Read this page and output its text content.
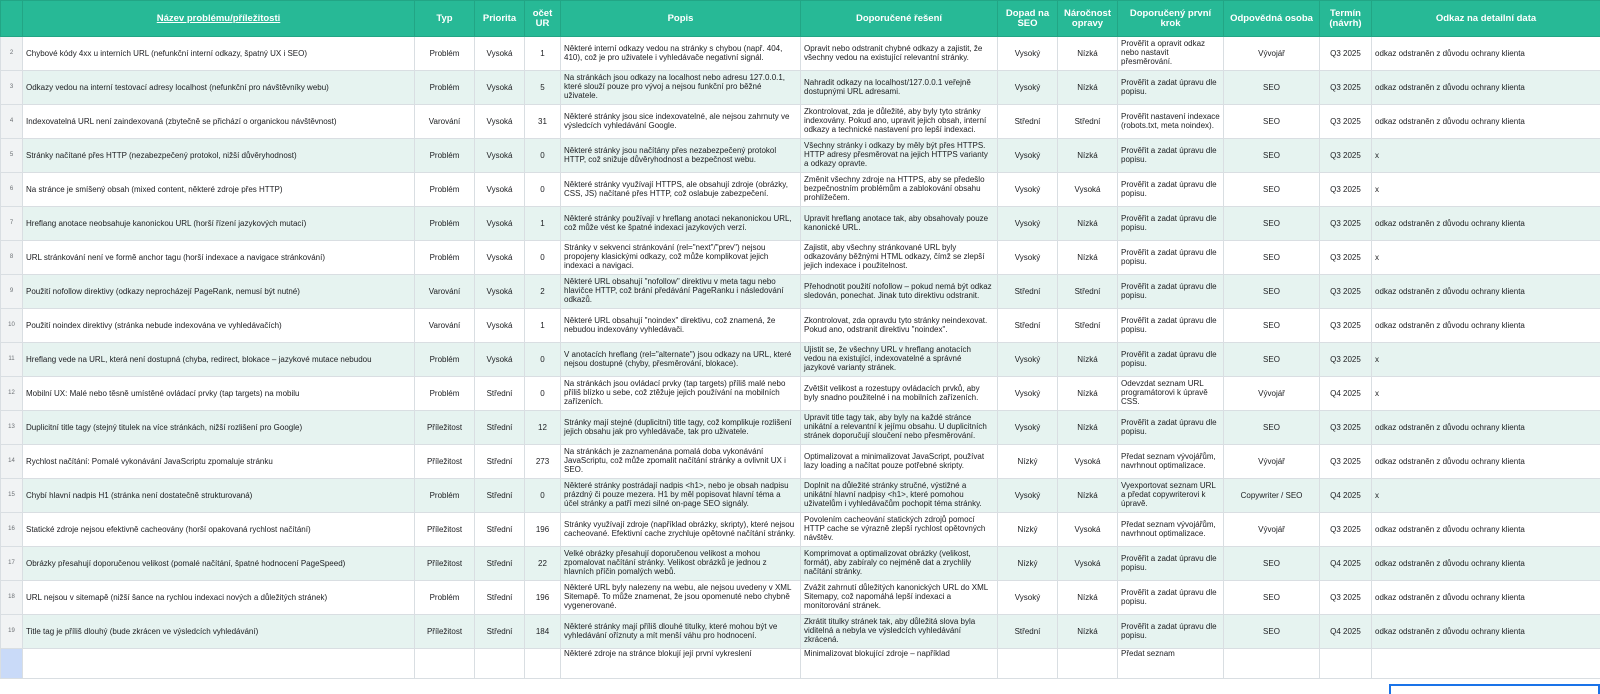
	Název problému/příležitosti	Typ	Priorita	očet UR	Popis	Doporučené řešení	Dopad na SEO	Náročnost opravy	Doporučený první krok	Odpovědná osoba	Termín (návrh)	Odkaz na detailní data
2	Chybové kódy 4xx u interních URL (nefunkční interní odkazy, špatný UX i SEO)	Problém	Vysoká	1	Některé interní odkazy vedou na stránky s chybou (např. 404, 410), což je pro uživatele i vyhledávače negativní signál.	Opravit nebo odstranit chybné odkazy a zajistit, že všechny vedou na existující relevantní stránky.	Vysoký	Nízká	Prověřit a opravit odkaz nebo nastavit přesměrování.	Vývojář	Q3 2025	odkaz odstraněn z důvodu ochrany klienta
3	Odkazy vedou na interní testovací adresy localhost (nefunkční pro návštěvníky webu)	Problém	Vysoká	5	Na stránkách jsou odkazy na localhost nebo adresu 127.0.0.1, které slouží pouze pro vývoj a nejsou funkční pro běžné uživatele.	Nahradit odkazy na localhost/127.0.0.1 veřejně dostupnými URL adresami.	Vysoký	Nízká	Prověřit a zadat úpravu dle popisu.	SEO	Q3 2025	odkaz odstraněn z důvodu ochrany klienta
4	Indexovatelná URL není zaindexovaná (zbytečně se přichází o organickou návštěvnost)	Varování	Vysoká	31	Některé stránky jsou sice indexovatelné, ale nejsou zahrnuty ve výsledcích vyhledávání Google.	Zkontrolovat, zda je důležité, aby byly tyto stránky indexovány. Pokud ano, upravit jejich obsah, interní odkazy a technické nastavení pro lepší indexaci.	Střední	Střední	Prověřit nastavení indexace (robots.txt, meta noindex).	SEO	Q3 2025	odkaz odstraněn z důvodu ochrany klienta
5	Stránky načítané přes HTTP (nezabezpečený protokol, nižší důvěryhodnost)	Problém	Vysoká	0	Některé stránky jsou načítány přes nezabezpečený protokol HTTP, což snižuje důvěryhodnost a bezpečnost webu.	Všechny stránky i odkazy by měly být přes HTTPS. HTTP adresy přesměrovat na jejich HTTPS varianty a odkazy opravte.	Vysoký	Nízká	Prověřit a zadat úpravu dle popisu.	SEO	Q3 2025	x
6	Na stránce je smíšený obsah (mixed content, některé zdroje přes HTTP)	Problém	Vysoká	0	Některé stránky využívají HTTPS, ale obsahují zdroje (obrázky, CSS, JS) načítané přes HTTP, což oslabuje zabezpečení.	Změnit všechny zdroje na HTTPS, aby se předešlo bezpečnostním problémům a zablokování obsahu prohlížečem.	Vysoký	Vysoká	Prověřit a zadat úpravu dle popisu.	SEO	Q3 2025	x
7	Hreflang anotace neobsahuje kanonickou URL (horší řízení jazykových mutací)	Problém	Vysoká	1	Některé stránky používají v hreflang anotaci nekanonickou URL, což může vést ke špatné indexaci jazykových verzí.	Upravit hreflang anotace tak, aby obsahovaly pouze kanonické URL.	Vysoký	Nízká	Prověřit a zadat úpravu dle popisu.	SEO	Q3 2025	odkaz odstraněn z důvodu ochrany klienta
8	URL stránkování není ve formě anchor tagu (horší indexace a navigace stránkování)	Problém	Vysoká	0	Stránky v sekvenci stránkování (rel="next"/"prev") nejsou propojeny klasickými odkazy, což může komplikovat jejich indexaci a navigaci.	Zajistit, aby všechny stránkované URL byly odkazovány běžnými HTML odkazy, čímž se zlepší jejich indexace i použitelnost.	Vysoký	Nízká	Prověřit a zadat úpravu dle popisu.	SEO	Q3 2025	x
9	Použití nofollow direktivy (odkazy neprocházejí PageRank, nemusí být nutné)	Varování	Vysoká	2	Některé URL obsahují "nofollow" direktivu v meta tagu nebo hlavičce HTTP, což brání předávání PageRanku i následování odkazů.	Přehodnotit použití nofollow – pokud nemá být odkaz sledován, ponechat. Jinak tuto direktivu odstranit.	Střední	Střední	Prověřit a zadat úpravu dle popisu.	SEO	Q3 2025	odkaz odstraněn z důvodu ochrany klienta
10	Použití noindex direktivy (stránka nebude indexována ve vyhledávačích)	Varování	Vysoká	1	Některé URL obsahují "noindex" direktivu, což znamená, že nebudou indexovány vyhledávači.	Zkontrolovat, zda opravdu tyto stránky neindexovat. Pokud ano, odstranit direktivu "noindex".	Střední	Střední	Prověřit a zadat úpravu dle popisu.	SEO	Q3 2025	odkaz odstraněn z důvodu ochrany klienta
11	Hreflang vede na URL, která není dostupná (chyba, redirect, blokace – jazykové mutace nebudou	Problém	Vysoká	0	V anotacích hreflang (rel="alternate") jsou odkazy na URL, které nejsou dostupné (chyby, přesměrování, blokace).	Ujistit se, že všechny URL v hreflang anotacích vedou na existující, indexovatelné a správné jazykové varianty stránek.	Vysoký	Nízká	Prověřit a zadat úpravu dle popisu.	SEO	Q3 2025	x
12	Mobilní UX: Malé nebo těsně umístěné ovládací prvky (tap targets) na mobilu	Problém	Střední	0	Na stránkách jsou ovládací prvky (tap targets) příliš malé nebo příliš blízko u sebe, což ztěžuje jejich používání na mobilních zařízeních.	Zvětšit velikost a rozestupy ovládacích prvků, aby byly snadno použitelné i na mobilních zařízeních.	Vysoký	Nízká	Odevzdat seznam URL programátorovi k úpravě CSS.	Vývojář	Q4 2025	x
13	Duplicitní title tagy (stejný titulek na více stránkách, nižší rozlišení pro Google)	Příležitost	Střední	12	Stránky mají stejné (duplicitní) title tagy, což komplikuje rozlišení jejich obsahu jak pro vyhledávače, tak pro uživatele.	Upravit title tagy tak, aby byly na každé stránce unikátní a relevantní k jejímu obsahu. U duplicitních stránek doporučují sloučení nebo přesměrování.	Vysoký	Nízká	Prověřit a zadat úpravu dle popisu.	SEO	Q3 2025	odkaz odstraněn z důvodu ochrany klienta
14	Rychlost načítání: Pomalé vykonávání JavaScriptu zpomaluje stránku	Příležitost	Střední	273	Na stránkách je zaznamenána pomalá doba vykonávání JavaScriptu, což může zpomalit načítání stránky a ovlivnit UX i SEO.	Optimalizovat a minimalizovat JavaScript, používat lazy loading a načítat pouze potřebné skripty.	Nízký	Vysoká	Předat seznam vývojářům, navrhnout optimalizace.	Vývojář	Q3 2025	odkaz odstraněn z důvodu ochrany klienta
15	Chybí hlavní nadpis H1 (stránka není dostatečně strukturovaná)	Problém	Střední	0	Některé stránky postrádají nadpis <h1>, nebo je obsah nadpisu prázdný či pouze mezera. H1 by měl popisovat hlavní téma a účel stránky a patří mezi silné on-page SEO signály.	Doplnit na důležité stránky stručné, výstižné a unikátní hlavní nadpisy <h1>, které pomohou uživatelům i vyhledávačům pochopit téma stránky.	Vysoký	Nízká	Vyexportovat seznam URL a předat copywriterovi k úpravě.	Copywriter / SEO	Q4 2025	x
16	Statické zdroje nejsou efektivně cacheovány (horší opakovaná rychlost načítání)	Příležitost	Střední	196	Stránky využívají zdroje (například obrázky, skripty), které nejsou cacheované. Efektivní cache zrychluje opětovné načítání stránky.	Povolením cacheování statických zdrojů pomocí HTTP cache se výrazně zlepší rychlost opětovných návštěv.	Nízký	Vysoká	Předat seznam vývojářům, navrhnout optimalizace.	Vývojář	Q3 2025	odkaz odstraněn z důvodu ochrany klienta
17	Obrázky přesahují doporučenou velikost (pomalé načítání, špatné hodnocení PageSpeed)	Příležitost	Střední	22	Velké obrázky přesahují doporučenou velikost a mohou zpomalovat načítání stránky. Velikost obrázků je jednou z hlavních příčin pomalých webů.	Komprimovat a optimalizovat obrázky (velikost, formát), aby zabíraly co nejméně dat a zrychlily načítání stránky.	Nízký	Vysoká	Prověřit a zadat úpravu dle popisu.	SEO	Q4 2025	odkaz odstraněn z důvodu ochrany klienta
18	URL nejsou v sitemapě (nižší šance na rychlou indexaci nových a důležitých stránek)	Problém	Střední	196	Některé URL byly nalezeny na webu, ale nejsou uvedeny v XML Sitemapě. To může znamenat, že jsou opomenuté nebo chybně vygenerované.	Zvážit zahrnutí důležitých kanonických URL do XML Sitemapy, což napomáhá lepší indexaci a monitorování stránek.	Vysoký	Nízká	Prověřit a zadat úpravu dle popisu.	SEO	Q3 2025	odkaz odstraněn z důvodu ochrany klienta
19	Title tag je příliš dlouhý (bude zkrácen ve výsledcích vyhledávání)	Příležitost	Střední	184	Některé stránky mají příliš dlouhé titulky, které mohou být ve vyhledávání oříznuty a mít menší váhu pro hodnocení.	Zkrátit titulky stránek tak, aby důležitá slova byla viditelná a nebyla ve výsledcích vyhledávání zkrácená.	Střední	Nízká	Prověřit a zadat úpravu dle popisu.	SEO	Q4 2025	odkaz odstraněn z důvodu ochrany klienta
					Některé zdroje na stránce blokují její první vykreslení	Minimalizovat blokující zdroje – například			Předat seznam			
